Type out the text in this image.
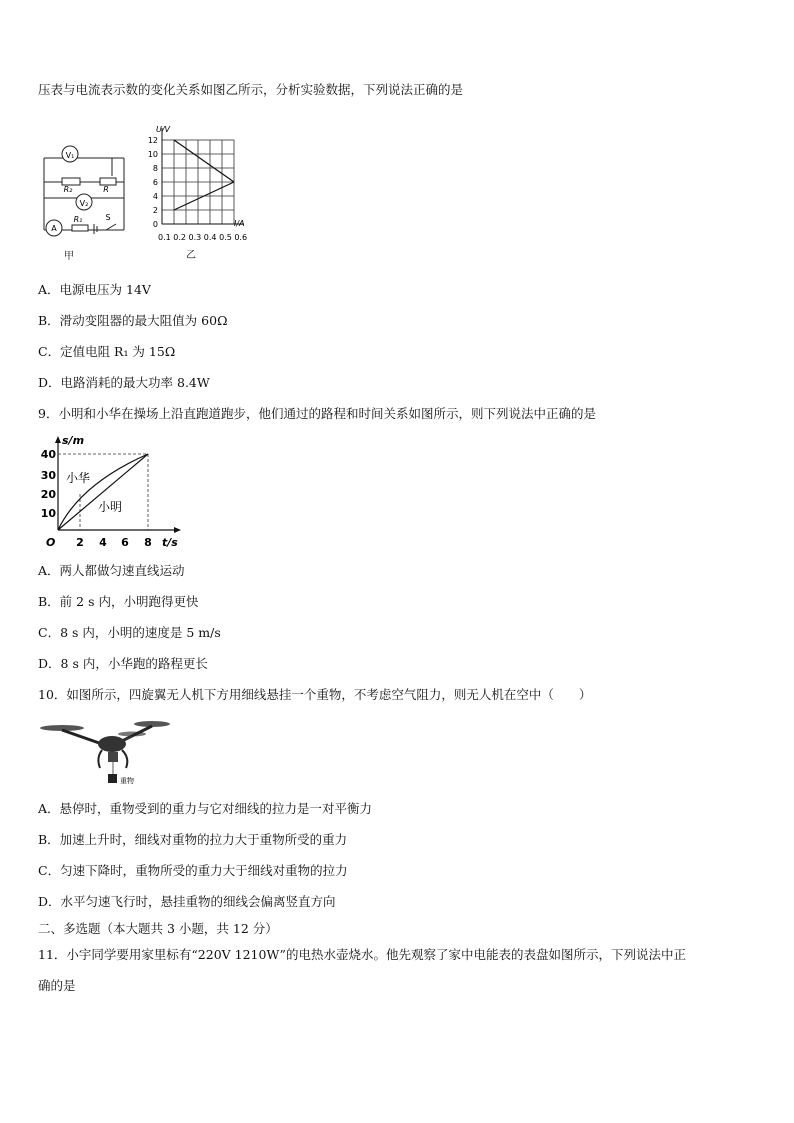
压表与电流表示数的变化关系如图乙所示，分析实验数据，下列说法正确的是
V₁
R₂	R
V₂
A
R₁	S
甲
U/V
I/A
0
2
4
6
8
10
12
0.1 0.2 0.3 0.4 0.5 0.6
乙
A．电源电压为 14V
B．滑动变阻器的最大阻值为 60Ω
C．定值电阻 R₁ 为 15Ω
D．电路消耗的最大功率 8.4W
9．小明和小华在操场上沿直跑道跑步，他们通过的路程和时间关系如图所示，则下列说法中正确的是
s/m
t/s
O
10
20
30
40
2 4 6 8
小华
小明
A．两人都做匀速直线运动
B．前 2 s 内，小明跑得更快
C．8 s 内，小明的速度是 5 m/s
D．8 s 内，小华跑的路程更长
10．如图所示，四旋翼无人机下方用细线悬挂一个重物，不考虑空气阻力，则无人机在空中（　　）
重物
A．悬停时，重物受到的重力与它对细线的拉力是一对平衡力
B．加速上升时，细线对重物的拉力大于重物所受的重力
C．匀速下降时，重物所受的重力大于细线对重物的拉力
D．水平匀速飞行时，悬挂重物的细线会偏离竖直方向
二、多选题（本大题共 3 小题，共 12 分）
11．小宇同学要用家里标有“220V 1210W”的电热水壶烧水。他先观察了家中电能表的表盘如图所示，下列说法中正
确的是
